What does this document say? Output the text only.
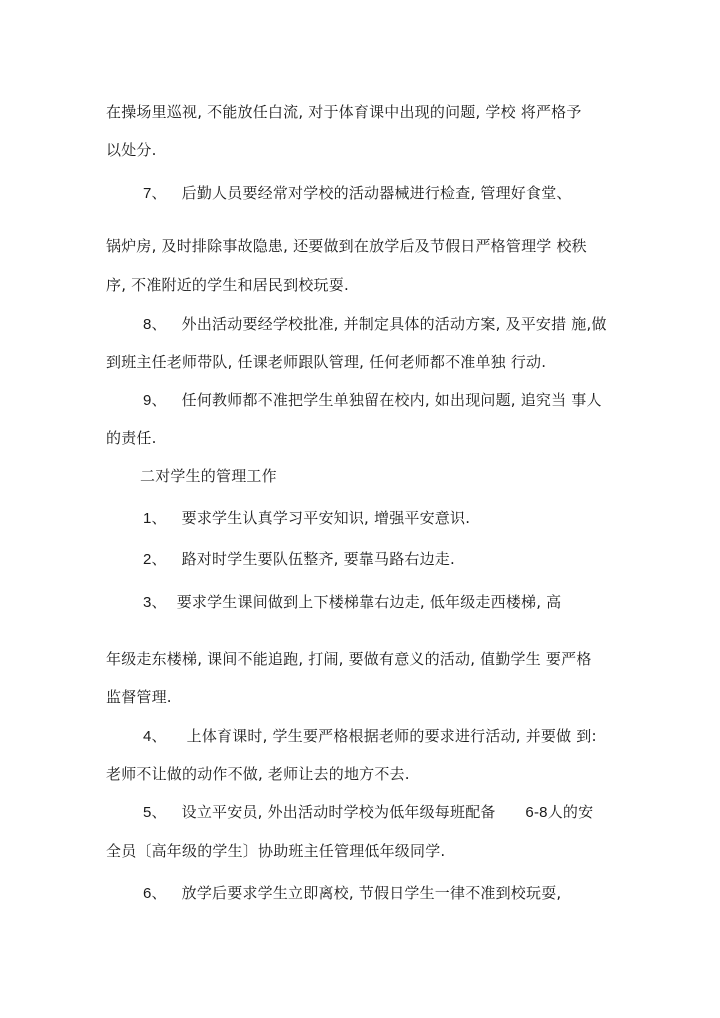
在操场里巡视, 不能放任白流, 对于体育课中出现的问题, 学校 将严格予
以处分.
7、 后勤人员要经常对学校的活动器械进行检查, 管理好食堂、
锅炉房, 及时排除事故隐患, 还要做到在放学后及节假日严格管理学 校秩
序, 不准附近的学生和居民到校玩耍.
8、 外出活动要经学校批准, 并制定具体的活动方案, 及平安措 施,做
到班主任老师带队, 任课老师跟队管理, 任何老师都不准单独 行动.
9、 任何教师都不准把学生单独留在校内, 如出现问题, 追究当 事人
的责任.
二对学生的管理工作
1、 要求学生认真学习平安知识, 增强平安意识.
2、 路对时学生要队伍整齐, 要靠马路右边走.
3、 要求学生课间做到上下楼梯靠右边走, 低年级走西楼梯, 高
年级走东楼梯, 课间不能追跑, 打闹, 要做有意义的活动, 值勤学生 要严格
监督管理.
4、 上体育课时, 学生要严格根据老师的要求进行活动, 并要做 到:
老师不让做的动作不做, 老师让去的地方不去.
5、 设立平安员, 外出活动时学校为低年级每班配备 6-8人的安
全员〔高年级的学生〕协助班主任管理低年级同学.
6、 放学后要求学生立即离校, 节假日学生一律不准到校玩耍,
